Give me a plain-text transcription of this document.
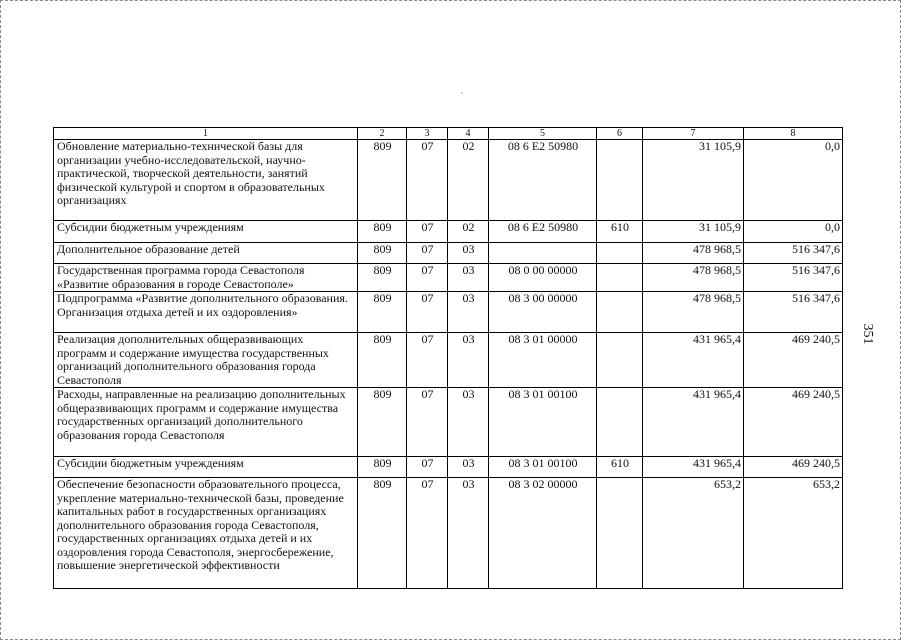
1	2	3	4	5	6	7	8
Обновление материально-технической базы для организации учебно-исследовательской, научно-практической, творческой деятельности, занятий физической культурой и спортом в образовательных организациях	809	07	02	08 6 E2 50980		31 105,9	0,0
Субсидии бюджетным учреждениям	809	07	02	08 6 E2 50980	610	31 105,9	0,0
Дополнительное образование детей	809	07	03			478 968,5	516 347,6
Государственная программа города Севастополя «Развитие образования в городе Севастополе»	809	07	03	08 0 00 00000		478 968,5	516 347,6
Подпрограмма «Развитие дополнительного образования. Организация отдыха детей и их оздоровления»	809	07	03	08 3 00 00000		478 968,5	516 347,6
Реализация дополнительных общеразвивающих программ и содержание имущества государственных организаций дополнительного образования города Севастополя	809	07	03	08 3 01 00000		431 965,4	469 240,5
Расходы, направленные на реализацию дополнительных общеразвивающих программ и содержание имущества государственных организаций дополнительного образования города Севастополя	809	07	03	08 3 01 00100		431 965,4	469 240,5
Субсидии бюджетным учреждениям	809	07	03	08 3 01 00100	610	431 965,4	469 240,5
Обеспечение безопасности образовательного процесса, укрепление материально-технической базы, проведение капитальных работ в государственных организациях дополнительного образования города Севастополя, государственных организациях отдыха детей и их оздоровления города Севастополя, энергосбережение, повышение энергетической эффективности	809	07	03	08 3 02 00000		653,2	653,2
351
